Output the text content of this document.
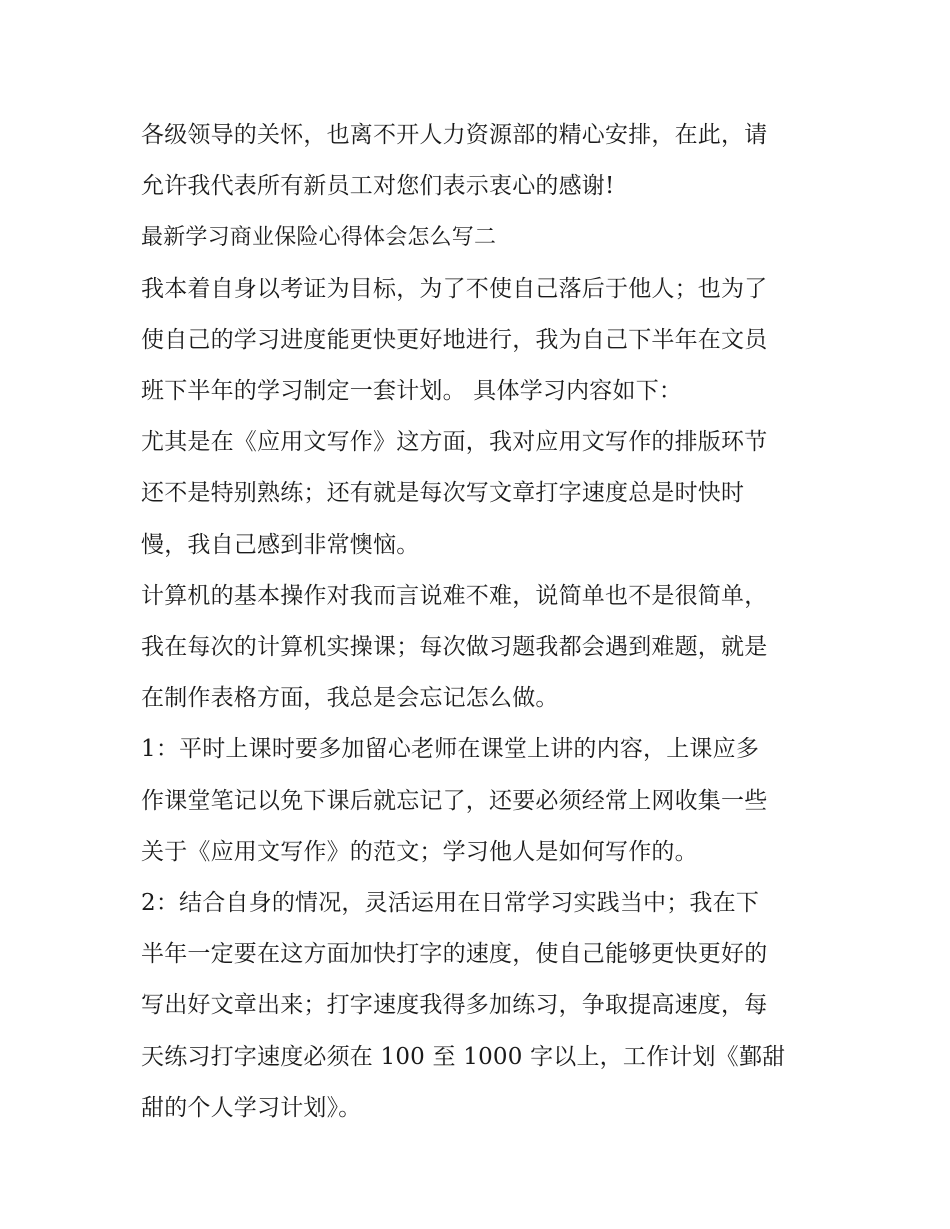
各级领导的关怀，也离不开人力资源部的精心安排，在此，请
允许我代表所有新员工对您们表示衷心的感谢!
最新学习商业保险心得体会怎么写二
我本着自身以考证为目标，为了不使自己落后于他人；也为了
使自己的学习进度能更快更好地进行，我为自己下半年在文员
班下半年的学习制定一套计划。 具体学习内容如下：
尤其是在《应用文写作》这方面，我对应用文写作的排版环节
还不是特别熟练；还有就是每次写文章打字速度总是时快时
慢，我自己感到非常懊恼。
计算机的基本操作对我而言说难不难，说简单也不是很简单，
我在每次的计算机实操课；每次做习题我都会遇到难题，就是
在制作表格方面，我总是会忘记怎么做。
1：平时上课时要多加留心老师在课堂上讲的内容，上课应多
作课堂笔记以免下课后就忘记了，还要必须经常上网收集一些
关于《应用文写作》的范文；学习他人是如何写作的。
2：结合自身的情况，灵活运用在日常学习实践当中；我在下
半年一定要在这方面加快打字的速度，使自己能够更快更好的
写出好文章出来；打字速度我得多加练习，争取提高速度，每
天练习打字速度必须在 100 至 1000 字以上，工作计划《鄞甜
甜的个人学习计划》。
